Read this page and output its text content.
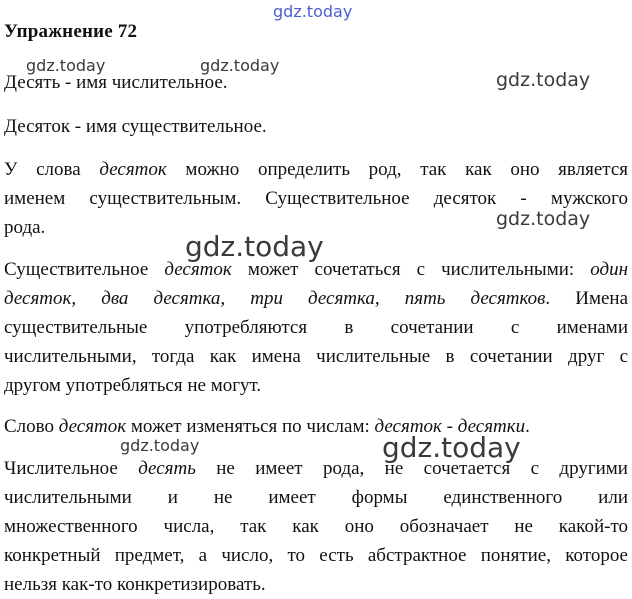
Упражнение 72

Десять - имя числительное.

Десяток - имя существительное.

У слова десяток можно определить род, так как оно является
именем существительным. Существительное десяток - мужского
рода.

Существительное десяток может сочетаться с числительными: один
десяток, два десятка, три десятка, пять десятков. Имена
существительные употребляются в сочетании с именами
числительными, тогда как имена числительные в сочетании друг с
другом употребляться не могут.

Слово десяток может изменяться по числам: десяток - десятки.

Числительное десять не имеет рода, не сочетается с другими
числительными и не имеет формы единственного или
множественного числа, так как оно обозначает не какой-то
конкретный предмет, а число, то есть абстрактное понятие, которое
нельзя как-то конкретизировать.

gdz.today
gdz.today	gdz.today
gdz.today
gdz.today
gdz.today
gdz.today	gdz.today
